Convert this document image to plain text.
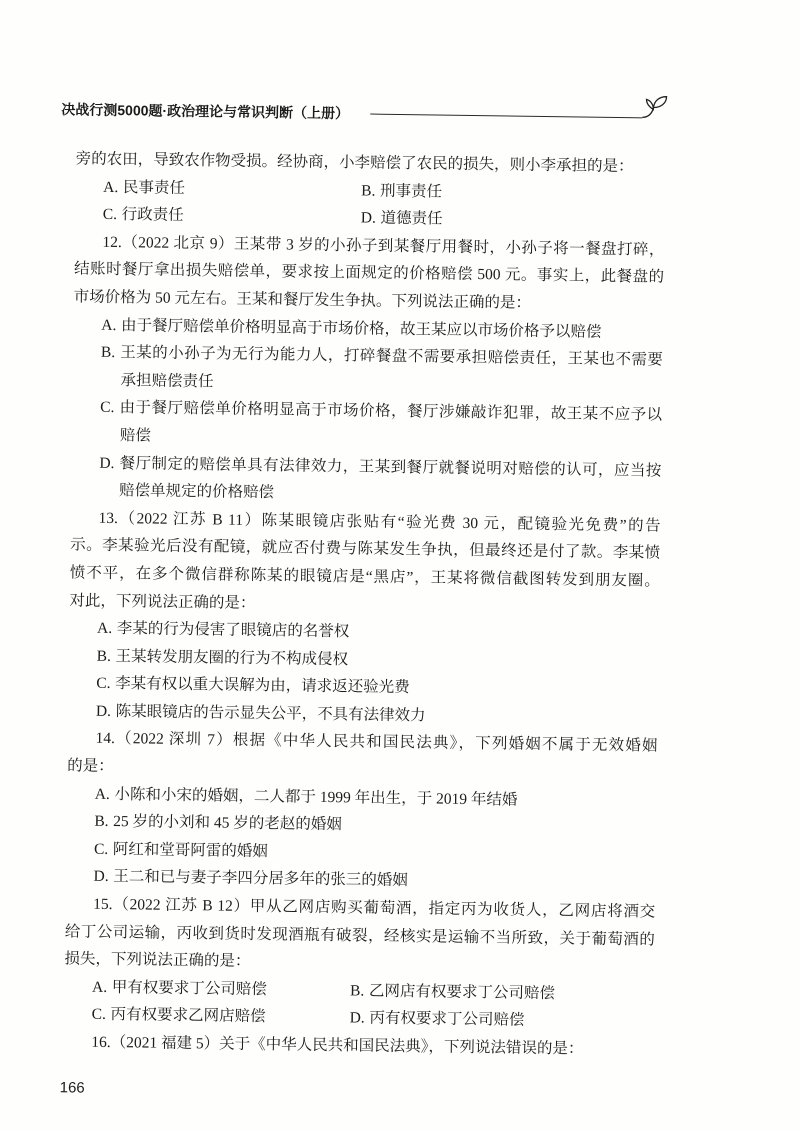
决战行测5000题·政治理论与常识判断（上册）
旁的农田，导致农作物受损。经协商，小李赔偿了农民的损失，则小李承担的是：
A. 民事责任	B. 刑事责任
C. 行政责任	D. 道德责任
12.（2022 北京 9）王某带 3 岁的小孙子到某餐厅用餐时，小孙子将一餐盘打碎，
结账时餐厅拿出损失赔偿单，要求按上面规定的价格赔偿 500 元。事实上，此餐盘的
市场价格为 50 元左右。王某和餐厅发生争执。下列说法正确的是：
A. 由于餐厅赔偿单价格明显高于市场价格，故王某应以市场价格予以赔偿
B. 王某的小孙子为无行为能力人，打碎餐盘不需要承担赔偿责任，王某也不需要
承担赔偿责任
C. 由于餐厅赔偿单价格明显高于市场价格，餐厅涉嫌敲诈犯罪，故王某不应予以
赔偿
D. 餐厅制定的赔偿单具有法律效力，王某到餐厅就餐说明对赔偿的认可，应当按
赔偿单规定的价格赔偿
13.（2022 江苏 B 11）陈某眼镜店张贴有“验光费 30 元，配镜验光免费”的告
示。李某验光后没有配镜，就应否付费与陈某发生争执，但最终还是付了款。李某愤
愤不平，在多个微信群称陈某的眼镜店是“黑店”，王某将微信截图转发到朋友圈。
对此，下列说法正确的是：
A. 李某的行为侵害了眼镜店的名誉权
B. 王某转发朋友圈的行为不构成侵权
C. 李某有权以重大误解为由，请求返还验光费
D. 陈某眼镜店的告示显失公平，不具有法律效力
14.（2022 深圳 7）根据《中华人民共和国民法典》，下列婚姻不属于无效婚姻
的是：
A. 小陈和小宋的婚姻，二人都于 1999 年出生，于 2019 年结婚
B. 25 岁的小刘和 45 岁的老赵的婚姻
C. 阿红和堂哥阿雷的婚姻
D. 王二和已与妻子李四分居多年的张三的婚姻
15.（2022 江苏 B 12）甲从乙网店购买葡萄酒，指定丙为收货人，乙网店将酒交
给丁公司运输，丙收到货时发现酒瓶有破裂，经核实是运输不当所致，关于葡萄酒的
损失，下列说法正确的是：
A. 甲有权要求丁公司赔偿	B. 乙网店有权要求丁公司赔偿
C. 丙有权要求乙网店赔偿	D. 丙有权要求丁公司赔偿
16.（2021 福建 5）关于《中华人民共和国民法典》，下列说法错误的是：
166
